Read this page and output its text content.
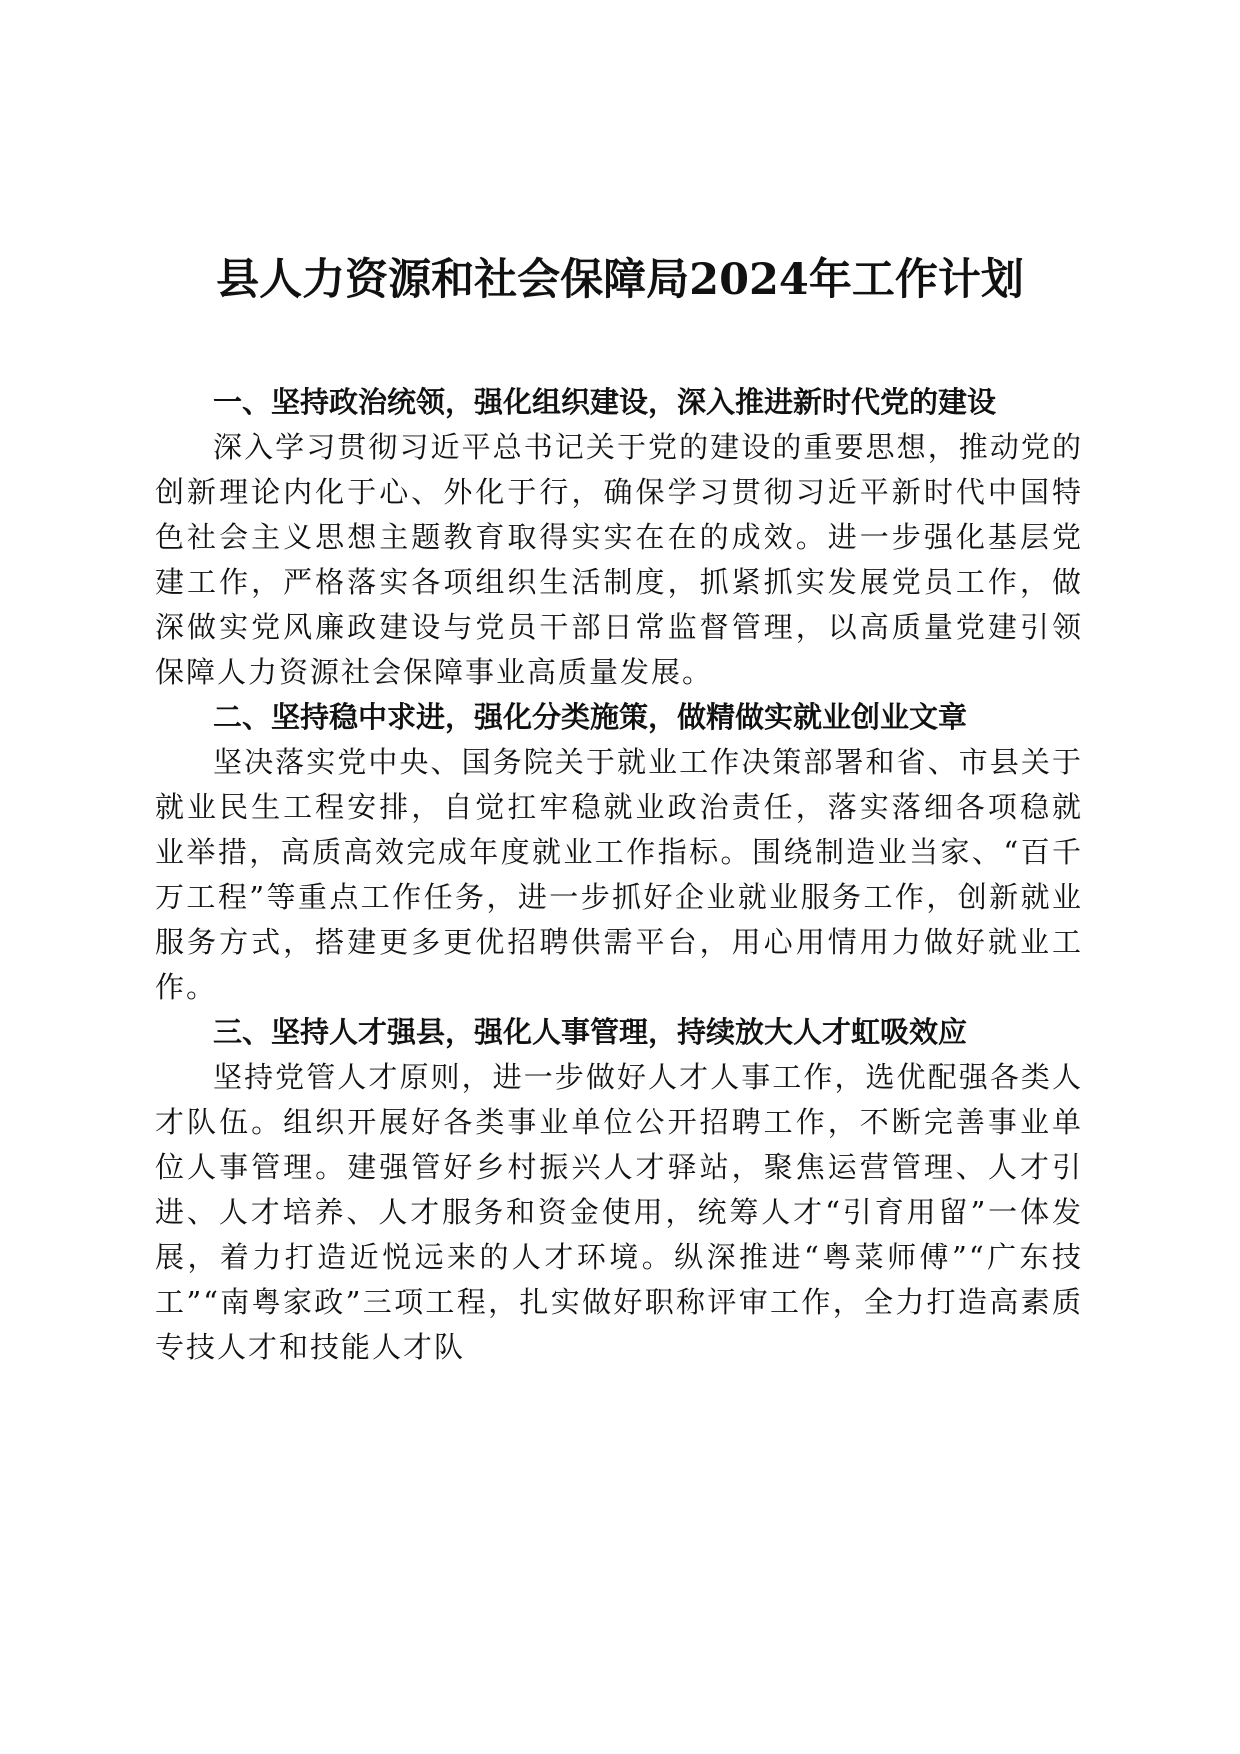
县人力资源和社会保障局2024年工作计划

一、坚持政治统领，强化组织建设，深入推进新时代党的建设

深入学习贯彻习近平总书记关于党的建设的重要思想，推动党的创新理论内化于心、外化于行，确保学习贯彻习近平新时代中国特色社会主义思想主题教育取得实实在在的成效。进一步强化基层党建工作，严格落实各项组织生活制度，抓紧抓实发展党员工作，做深做实党风廉政建设与党员干部日常监督管理，以高质量党建引领保障人力资源社会保障事业高质量发展。

二、坚持稳中求进，强化分类施策，做精做实就业创业文章

坚决落实党中央、国务院关于就业工作决策部署和省、市县关于就业民生工程安排，自觉扛牢稳就业政治责任，落实落细各项稳就业举措，高质高效完成年度就业工作指标。围绕制造业当家、“百千万工程”等重点工作任务，进一步抓好企业就业服务工作，创新就业服务方式，搭建更多更优招聘供需平台，用心用情用力做好就业工作。

三、坚持人才强县，强化人事管理，持续放大人才虹吸效应

坚持党管人才原则，进一步做好人才人事工作，选优配强各类人才队伍。组织开展好各类事业单位公开招聘工作，不断完善事业单位人事管理。建强管好乡村振兴人才驿站，聚焦运营管理、人才引进、人才培养、人才服务和资金使用，统筹人才“引育用留”一体发展，着力打造近悦远来的人才环境。纵深推进“粤菜师傅”“广东技工”“南粤家政”三项工程，扎实做好职称评审工作，全力打造高素质专技人才和技能人才队
